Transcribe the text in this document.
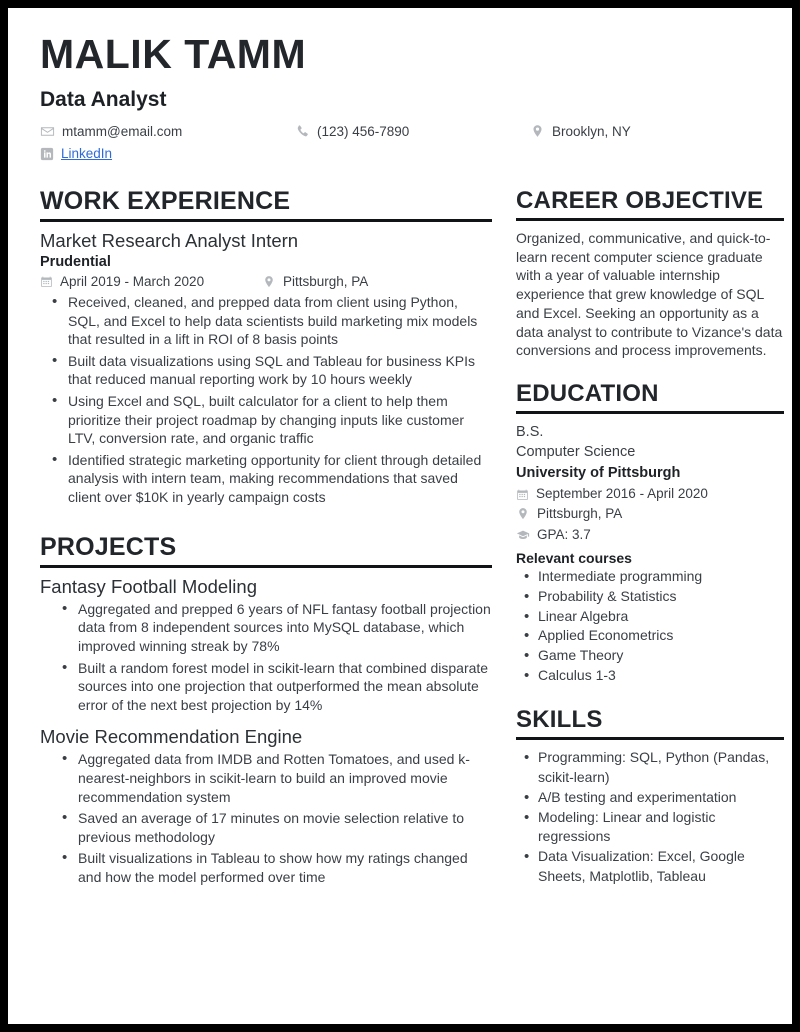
MALIK TAMM
Data Analyst
mtamm@email.com	(123) 456-7890	Brooklyn, NY
LinkedIn
WORK EXPERIENCE
Market Research Analyst Intern
Prudential
April 2019 - March 2020	Pittsburgh, PA
• Received, cleaned, and prepped data from client using Python, SQL, and Excel to help data scientists build marketing mix models that resulted in a lift in ROI of 8 basis points
• Built data visualizations using SQL and Tableau for business KPIs that reduced manual reporting work by 10 hours weekly
• Using Excel and SQL, built calculator for a client to help them prioritize their project roadmap by changing inputs like customer LTV, conversion rate, and organic traffic
• Identified strategic marketing opportunity for client through detailed analysis with intern team, making recommendations that saved client over $10K in yearly campaign costs
PROJECTS
Fantasy Football Modeling
• Aggregated and prepped 6 years of NFL fantasy football projection data from 8 independent sources into MySQL database, which improved winning streak by 78%
• Built a random forest model in scikit-learn that combined disparate sources into one projection that outperformed the mean absolute error of the next best projection by 14%
Movie Recommendation Engine
• Aggregated data from IMDB and Rotten Tomatoes, and used k-nearest-neighbors in scikit-learn to build an improved movie recommendation system
• Saved an average of 17 minutes on movie selection relative to previous methodology
• Built visualizations in Tableau to show how my ratings changed and how the model performed over time
CAREER OBJECTIVE
Organized, communicative, and quick-to-learn recent computer science graduate with a year of valuable internship experience that grew knowledge of SQL and Excel. Seeking an opportunity as a data analyst to contribute to Vizance's data conversions and process improvements.
EDUCATION
B.S.
Computer Science
University of Pittsburgh
September 2016 - April 2020
Pittsburgh, PA
GPA: 3.7
Relevant courses
• Intermediate programming
• Probability & Statistics
• Linear Algebra
• Applied Econometrics
• Game Theory
• Calculus 1-3
SKILLS
• Programming: SQL, Python (Pandas, scikit-learn)
• A/B testing and experimentation
• Modeling: Linear and logistic regressions
• Data Visualization: Excel, Google Sheets, Matplotlib, Tableau
